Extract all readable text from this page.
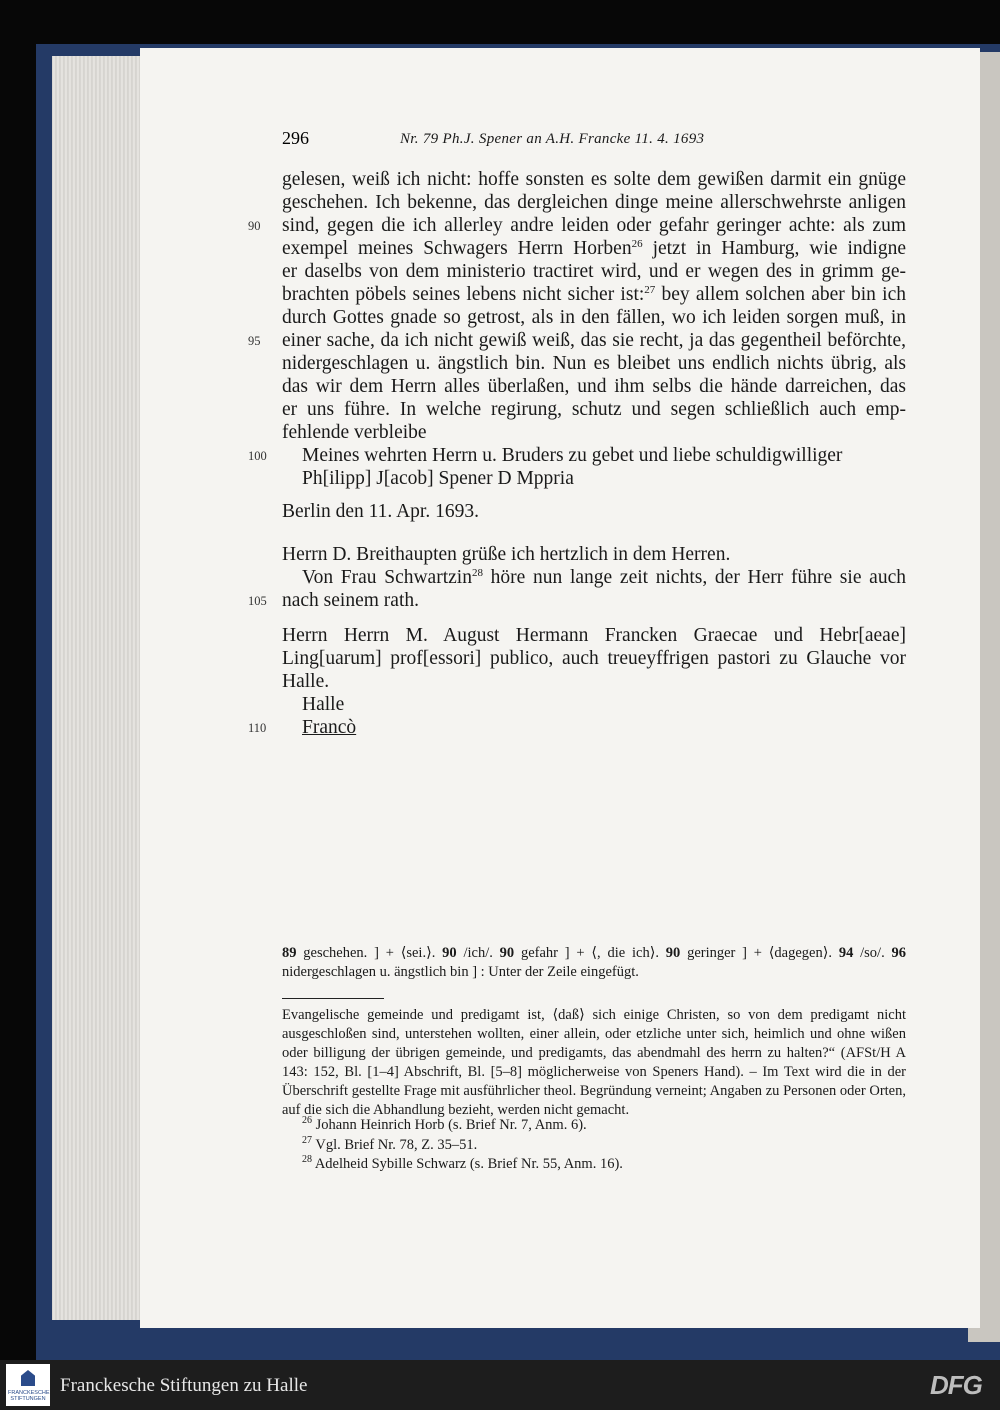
296	Nr. 79 Ph.J. Spener an A.H. Francke 11. 4. 1693
gelesen, weiß ich nicht: hoffe sonsten es solte dem gewißen darmit ein gnüge
geschehen. Ich bekenne, das dergleichen dinge meine allerschwehrste anligen
sind, gegen die ich allerley andre leiden oder gefahr geringer achte: als zum
90
exempel meines Schwagers Herrn Horben$^{26}$ jetzt in Hamburg, wie indigne
er daselbs von dem ministerio tractiret wird, und er wegen des in grimm ge-
brachten pöbels seines lebens nicht sicher ist:$^{27}$ bey allem solchen aber bin ich
durch Gottes gnade so getrost, als in den fällen, wo ich leiden sorgen muß, in
einer sache, da ich nicht gewiß weiß, das sie recht, ja das gegentheil beförchte,
95
nidergeschlagen u. ängstlich bin. Nun es bleibet uns endlich nichts übrig, als
das wir dem Herrn alles überlaßen, und ihm selbs die hände darreichen, das
er uns führe. In welche regirung, schutz und segen schließlich auch emp-
fehlende verbleibe
Meines wehrten Herrn u. Bruders zu gebet und liebe schuldigwilliger
100
Ph[ilipp] J[acob] Spener D Mppria
Berlin den 11. Apr. 1693.
Herrn D. Breithaupten grüße ich hertzlich in dem Herren.
Von Frau Schwartzin$^{28}$ höre nun lange zeit nichts, der Herr führe sie auch
nach seinem rath.
105
Herrn Herrn M. August Hermann Francken Graecae und Hebr[aeae]
Ling[uarum] prof[essori] publico, auch treueyffrigen pastori zu Glauche vor
Halle.
Halle
Francò
110
89 geschehen. ] + ⟨sei.⟩. 90 /ich/. 90 gefahr ] + ⟨, die ich⟩. 90 geringer ] + ⟨dagegen⟩. 94 /so/. 96 nidergeschlagen u. ängstlich bin ] : Unter der Zeile eingefügt.
Evangelische gemeinde und predigamt ist, ⟨daß⟩ sich einige Christen, so von dem predigamt nicht ausgeschloßen sind, unterstehen wollten, einer allein, oder etzliche unter sich, heimlich und ohne wißen oder billigung der übrigen gemeinde, und predigamts, das abendmahl des herrn zu halten?“ (AFSt/H A 143: 152, Bl. [1–4] Abschrift, Bl. [5–8] möglicherweise von Speners Hand). – Im Text wird die in der Überschrift gestellte Frage mit ausführlicher theol. Begründung verneint; Angaben zu Personen oder Orten, auf die sich die Abhandlung bezieht, werden nicht gemacht.
$^{26}$ Johann Heinrich Horb (s. Brief Nr. 7, Anm. 6).
$^{27}$ Vgl. Brief Nr. 78, Z. 35–51.
$^{28}$ Adelheid Sybille Schwarz (s. Brief Nr. 55, Anm. 16).
FRANCKESCHE STIFTUNGEN
Franckesche Stiftungen zu Halle	DFG
